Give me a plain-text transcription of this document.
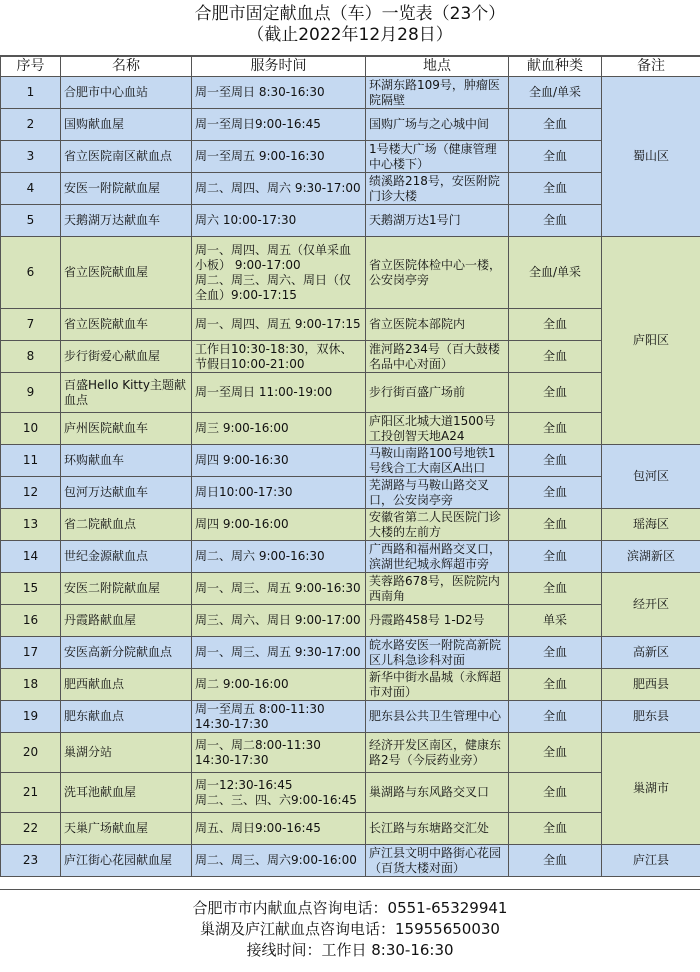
合肥市固定献血点（车）一览表（23个）
（截止2022年12月28日）
序号	名称	服务时间	地点	献血种类	备注
1	合肥市中心血站	周一至周日 8:30-16:30	环湖东路109号，肿瘤医院隔壁	全血/单采	蜀山区
2	国购献血屋	周一至周日9:00-16:45	国购广场与之心城中间	全血	
3	省立医院南区献血点	周一至周五 9:00-16:30	1号楼大广场（健康管理中心楼下）	全血	
4	安医一附院献血屋	周二、周四、周六 9:30-17:00	绩溪路218号，安医附院门诊大楼	全血	
5	天鹅湖万达献血车	周六 10:00-17:30	天鹅湖万达1号门	全血	
6	省立医院献血屋	周一、周四、周五（仅单采血小板） 9:00-17:00
周二、周三、周六、周日（仅全血）9:00-17:15	省立医院体检中心一楼，公安岗亭旁	全血/单采	庐阳区
7	省立医院献血车	周一、周四、周五 9:00-17:15	省立医院本部院内	全血	
8	步行街爱心献血屋	工作日10:30-18:30，双休、节假日10:00-21:00	淮河路234号（百大鼓楼名品中心对面）	全血	
9	百盛Hello Kitty主题献血点	周一至周日 11:00-19:00	步行街百盛广场前	全血	
10	庐州医院献血车	周三 9:00-16:00	庐阳区北城大道1500号工投创智天地A24	全血	
11	环购献血车	周四 9:00-16:30	马鞍山南路100号地铁1号线合工大南区A出口	全血	包河区
12	包河万达献血车	周日10:00-17:30	芜湖路与马鞍山路交叉口，公安岗亭旁	全血	
13	省二院献血点	周四 9:00-16:00	安徽省第二人民医院门诊大楼的左前方	全血	瑶海区
14	世纪金源献血点	周二、周六 9:00-16:30	广西路和福州路交叉口，滨湖世纪城永辉超市旁	全血	滨湖新区
15	安医二附院献血屋	周一、周三、周五 9:00-16:30	芙蓉路678号，医院院内西南角	全血	经开区
16	丹霞路献血屋	周三、周六、周日 9:00-17:00	丹霞路458号 1-D2号	单采	
17	安医高新分院献血点	周一、周三、周五 9:30-17:00	皖水路安医一附院高新院区儿科急诊科对面	全血	高新区
18	肥西献血点	周二 9:00-16:00	新华中街水晶城（永辉超市对面）	全血	肥西县
19	肥东献血点	周一至周五 8:00-11:30
14:30-17:30	肥东县公共卫生管理中心	全血	肥东县
20	巢湖分站	周一、周二8:00-11:30
14:30-17:30	经济开发区南区，健康东路2号（今辰药业旁）	全血	巢湖市
21	洗耳池献血屋	周一12:30-16:45
周二、三、四、六9:00-16:45	巢湖路与东风路交叉口	全血	
22	天巢广场献血屋	周五、周日9:00-16:45	长江路与东塘路交汇处	全血	
23	庐江街心花园献血屋	周二、周三、周六9:00-16:00	庐江县文明中路街心花园（百货大楼对面）	全血	庐江县
合肥市市内献血点咨询电话：0551-65329941
巢湖及庐江献血点咨询电话：15955650030
接线时间：工作日 8:30-16:30
